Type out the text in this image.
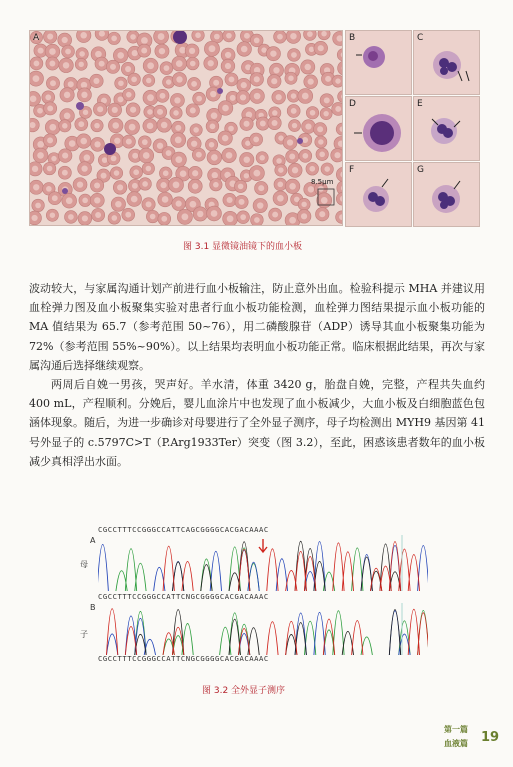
A
8.5μm
B	C
D	E
F	G
图 3.1 显微镜油镜下的血小板

波动较大，与家属沟通计划产前进行血小板输注，防止意外出血。检验科提示 MHA 并建议用血栓弹力图及血小板聚集实验对患者行血小板功能检测，血栓弹力图结果提示血小板功能的 MA 值结果为 65.7（参考范围 50~76），用二磷酸腺苷（ADP）诱导其血小板聚集功能为 72%（参考范围 55%~90%）。以上结果均表明血小板功能正常。临床根据此结果，再次与家属沟通后选择继续观察。

两周后自娩一男孩，哭声好。羊水清，体重 3420 g，胎盘自娩，完整，产程共失血约 400 mL，产程顺利。分娩后，婴儿血涂片中也发现了血小板减少，大血小板及白细胞蓝色包涵体现象。随后，为进一步确诊对母婴进行了全外显子测序，母子均检测出 MYH9 基因第 41 号外显子的 c.5797C>T（P.Arg1933Ter）突变（图 3.2），至此，困惑该患者数年的血小板减少真相浮出水面。

CGCCTTTCCGGGCCATTCAGCGGGGCACGACAAAC
A
母
CGCCTTTCCGGGCCATTCNGCGGGGCACGACAAAC
B
子
CGCCTTTCCGGGCCATTCNGCGGGGCACGACAAAC
图 3.2 全外显子测序
第一篇
血液篇 19
